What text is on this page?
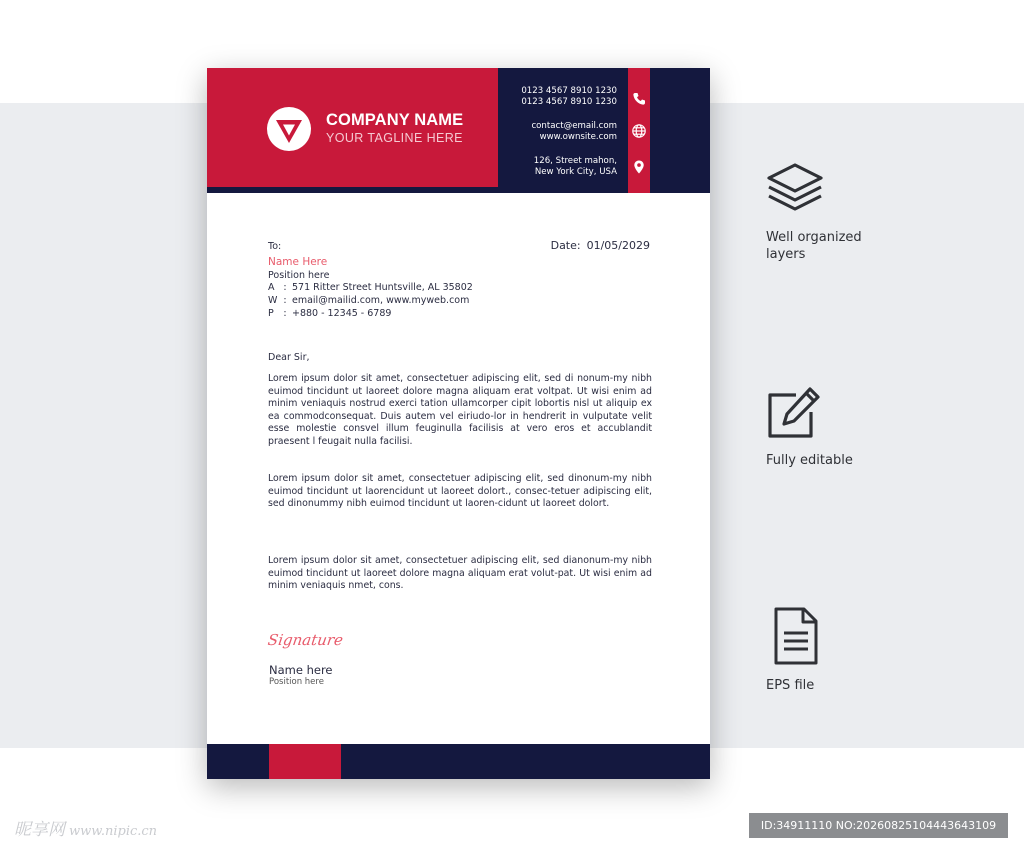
COMPANY NAME
YOUR TAGLINE HERE
0123 4567 8910 1230
0123 4567 8910 1230
contact@email.com
www.ownsite.com
126, Street mahon,
New York City, USA
To:	Date: 01/05/2029
Name Here
Position here
A : 571 Ritter Street Huntsville, AL 35802
W : email@mailid.com, www.myweb.com
P : +880 - 12345 - 6789
Dear Sir,

Lorem ipsum dolor sit amet, consectetuer adipiscing elit, sed di nonum-my nibh euimod tincidunt ut laoreet dolore magna aliquam erat voltpat. Ut wisi enim ad minim veniaquis nostrud exerci tation ullamcorper cipit lobortis nisl ut aliquip ex ea commodconsequat. Duis autem vel eiriudo-lor in hendrerit in vulputate velit esse molestie consvel illum feuginulla facilisis at vero eros et accublandit praesent l feugait nulla facilisi.

Lorem ipsum dolor sit amet, consectetuer adipiscing elit, sed dinonum-my nibh euimod tincidunt ut laorencidunt ut laoreet dolort., consec-tetuer adipiscing elit, sed dinonummy nibh euimod tincidunt ut laoren-cidunt ut laoreet dolort.

Lorem ipsum dolor sit amet, consectetuer adipiscing elit, sed dianonum-my nibh euimod tincidunt ut laoreet dolore magna aliquam erat volut-pat. Ut wisi enim ad minim veniaquis nmet, cons.

Signature
Name here
Position here
Well organized layers
Fully editable
EPS file
昵享网 www.nipic.cn	ID:34911110 NO:20260825104443643109
